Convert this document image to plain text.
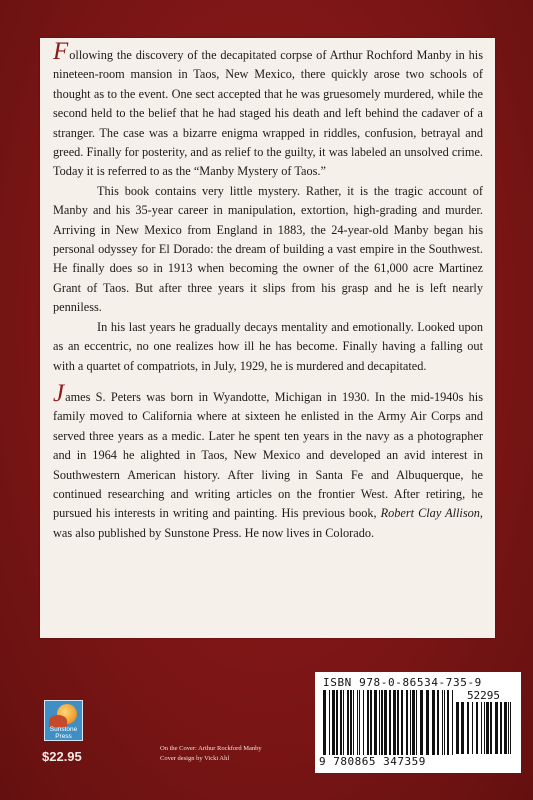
Following the discovery of the decapitated corpse of Arthur Rochford Manby in his nineteen-room mansion in Taos, New Mexico, there quickly arose two schools of thought as to the event. One sect accepted that he was gruesomely murdered, while the second held to the belief that he had staged his death and left behind the cadaver of a stranger. The case was a bizarre enigma wrapped in riddles, confusion, betrayal and greed. Finally for posterity, and as relief to the guilty, it was labeled an unsolved crime. Today it is referred to as the “Manby Mystery of Taos.”

This book contains very little mystery. Rather, it is the tragic account of Manby and his 35-year career in manipulation, extortion, high-grading and murder. Arriving in New Mexico from England in 1883, the 24-year-old Manby began his personal odyssey for El Dorado: the dream of building a vast empire in the Southwest. He finally does so in 1913 when becoming the owner of the 61,000 acre Martinez Grant of Taos. But after three years it slips from his grasp and he is left nearly penniless.

In his last years he gradually decays mentality and emotionally. Looked upon as an eccentric, no one realizes how ill he has become. Finally having a falling out with a quartet of compatriots, in July, 1929, he is murdered and decapitated.

James S. Peters was born in Wyandotte, Michigan in 1930. In the mid-1940s his family moved to California where at sixteen he enlisted in the Army Air Corps and served three years as a medic. Later he spent ten years in the navy as a photographer and in 1964 he alighted in Taos, New Mexico and developed an avid interest in Southwestern American history. After living in Santa Fe and Albuquerque, he continued researching and writing articles on the frontier West. After retiring, he pursued his interests in writing and painting. His previous book, Robert Clay Allison, was also published by Sunstone Press. He now lives in Colorado.

Sunstone Press
$22.95
On the Cover: Arthur Rockford Manby
Cover design by Vicki Ahl
ISBN 978-0-86534-735-9
52295
9 780865 347359
